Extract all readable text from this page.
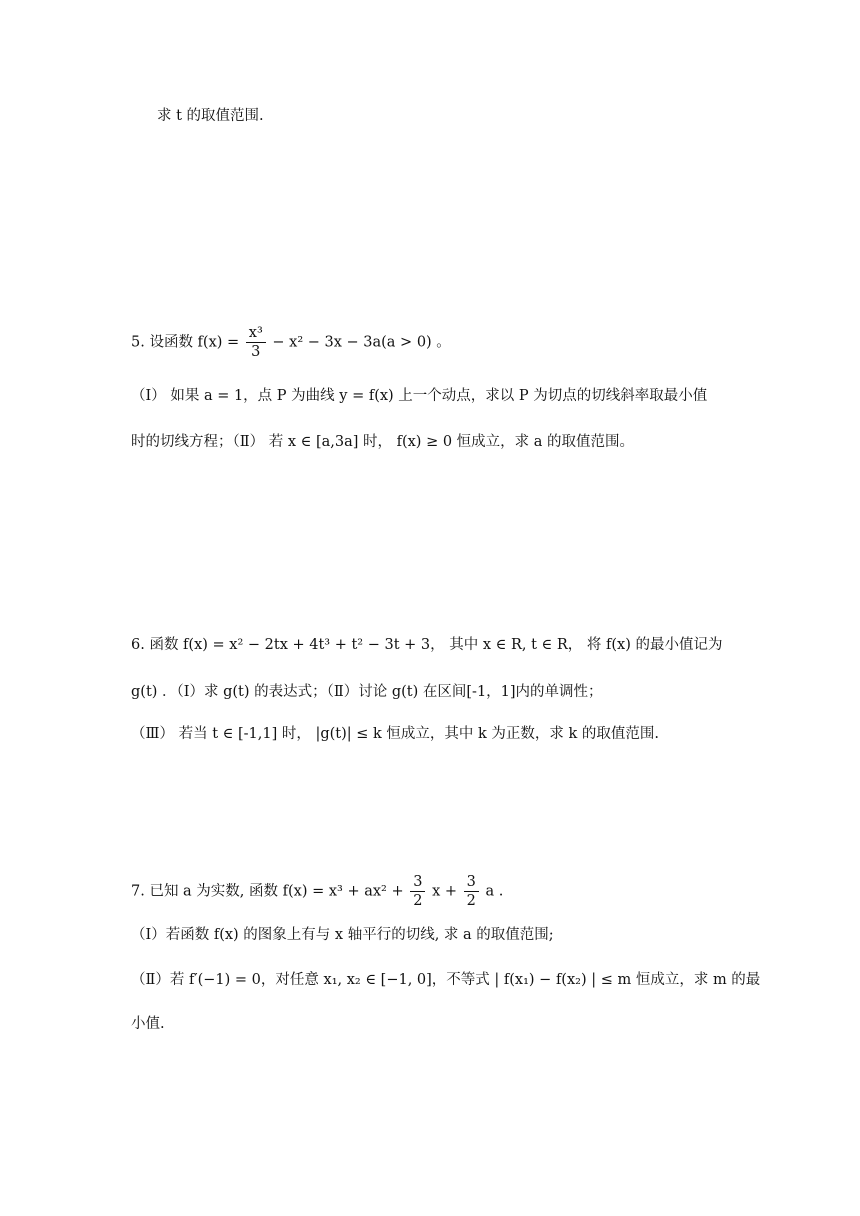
求 t 的取值范围.
5. 设函数 $f(x) = \frac{\text{x³}}{3} - x^2 - 3x - 3a(a > 0)$ 。
（Ⅰ） 如果 a = 1，点 P 为曲线 y = f(x) 上一个动点，求以 P 为切点的切线斜率取最小值
时的切线方程；（Ⅱ） 若 x ∈ [a,3a] 时， f(x) ≥ 0 恒成立，求 a 的取值范围。
6. 函数 f(x) = x² − 2tx + 4t³ + t² − 3t + 3， 其中 x ∈ R, t ∈ R， 将 f(x) 的最小值记为
g(t) ．（Ⅰ）求 g(t) 的表达式；（Ⅱ）讨论 g(t) 在区间[-1，1]内的单调性；
（Ⅲ） 若当 t ∈ [-1,1] 时， |g(t)| ≤ k 恒成立，其中 k 为正数，求 k 的取值范围.
7. 已知 a 为实数, 函数 $f(x) = x^3 + ax^2 + \frac{3}{2}$ $x + \frac{3}{2}$ a .
（Ⅰ）若函数 f(x) 的图象上有与 x 轴平行的切线, 求 a 的取值范围;
（Ⅱ）若 f′(−1) = 0，对任意 x₁, x₂ ∈ [−1, 0]，不等式 | f(x₁) − f(x₂) | ≤ m 恒成立，求 m 的最
小值.
